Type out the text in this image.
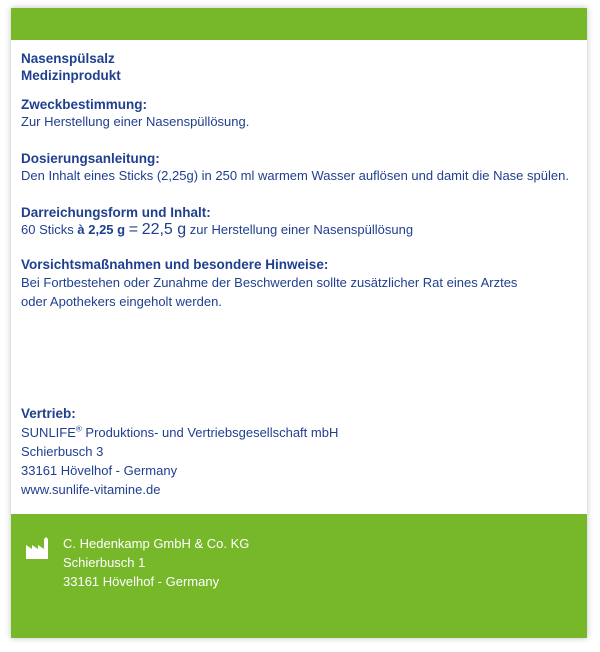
Nasenspülsalz
Medizinprodukt
Zweckbestimmung:
Zur Herstellung einer Nasenspüllösung.
Dosierungsanleitung:
Den Inhalt eines Sticks (2,25g) in 250 ml warmem Wasser auflösen und damit die Nase spülen.
Darreichungsform und Inhalt:
60 Sticks à 2,25 g = 22,5 g zur Herstellung einer Nasenspüllösung
Vorsichtsmaßnahmen und besondere Hinweise:
Bei Fortbestehen oder Zunahme der Beschwerden sollte zusätzlicher Rat eines Arztes
oder Apothekers eingeholt werden.
Vertrieb:
SUNLIFE® Produktions- und Vertriebsgesellschaft mbH
Schierbusch 3
33161 Hövelhof - Germany
www.sunlife-vitamine.de
C. Hedenkamp GmbH & Co. KG
Schierbusch 1
33161 Hövelhof - Germany
